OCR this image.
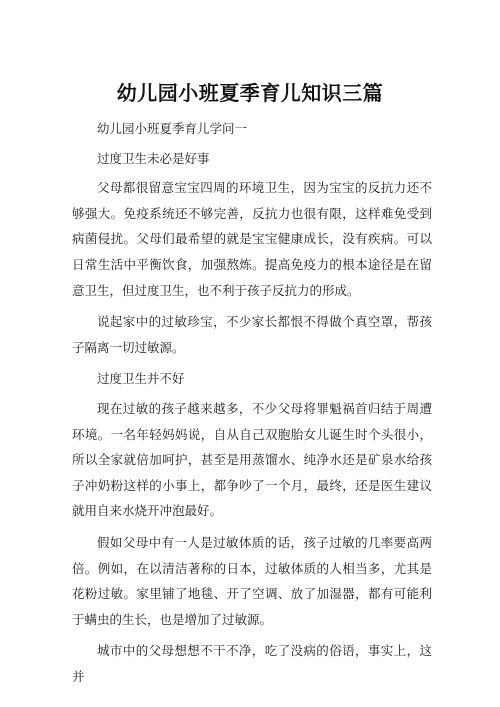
幼儿园小班夏季育儿知识三篇

幼儿园小班夏季育儿学问一

过度卫生未必是好事

父母都很留意宝宝四周的环境卫生，因为宝宝的反抗力还不够强大。免疫系统还不够完善，反抗力也很有限，这样难免受到病菌侵扰。父母们最希望的就是宝宝健康成长，没有疾病。可以日常生活中平衡饮食，加强熬炼。提高免疫力的根本途径是在留意卫生，但过度卫生，也不利于孩子反抗力的形成。

说起家中的过敏珍宝，不少家长都恨不得做个真空罩，帮孩子隔离一切过敏源。

过度卫生并不好

现在过敏的孩子越来越多，不少父母将罪魁祸首归结于周遭环境。一名年轻妈妈说，自从自己双胞胎女儿诞生时个头很小，所以全家就倍加呵护，甚至是用蒸馏水、纯净水还是矿泉水给孩子冲奶粉这样的小事上，都争吵了一个月，最终，还是医生建议就用自来水烧开冲泡最好。

假如父母中有一人是过敏体质的话，孩子过敏的几率要高两倍。例如，在以清洁著称的日本，过敏体质的人相当多，尤其是花粉过敏。家里铺了地毯、开了空调、放了加湿器，都有可能利于螨虫的生长，也是增加了过敏源。

城市中的父母想想不干不净，吃了没病的俗语，事实上，这并
